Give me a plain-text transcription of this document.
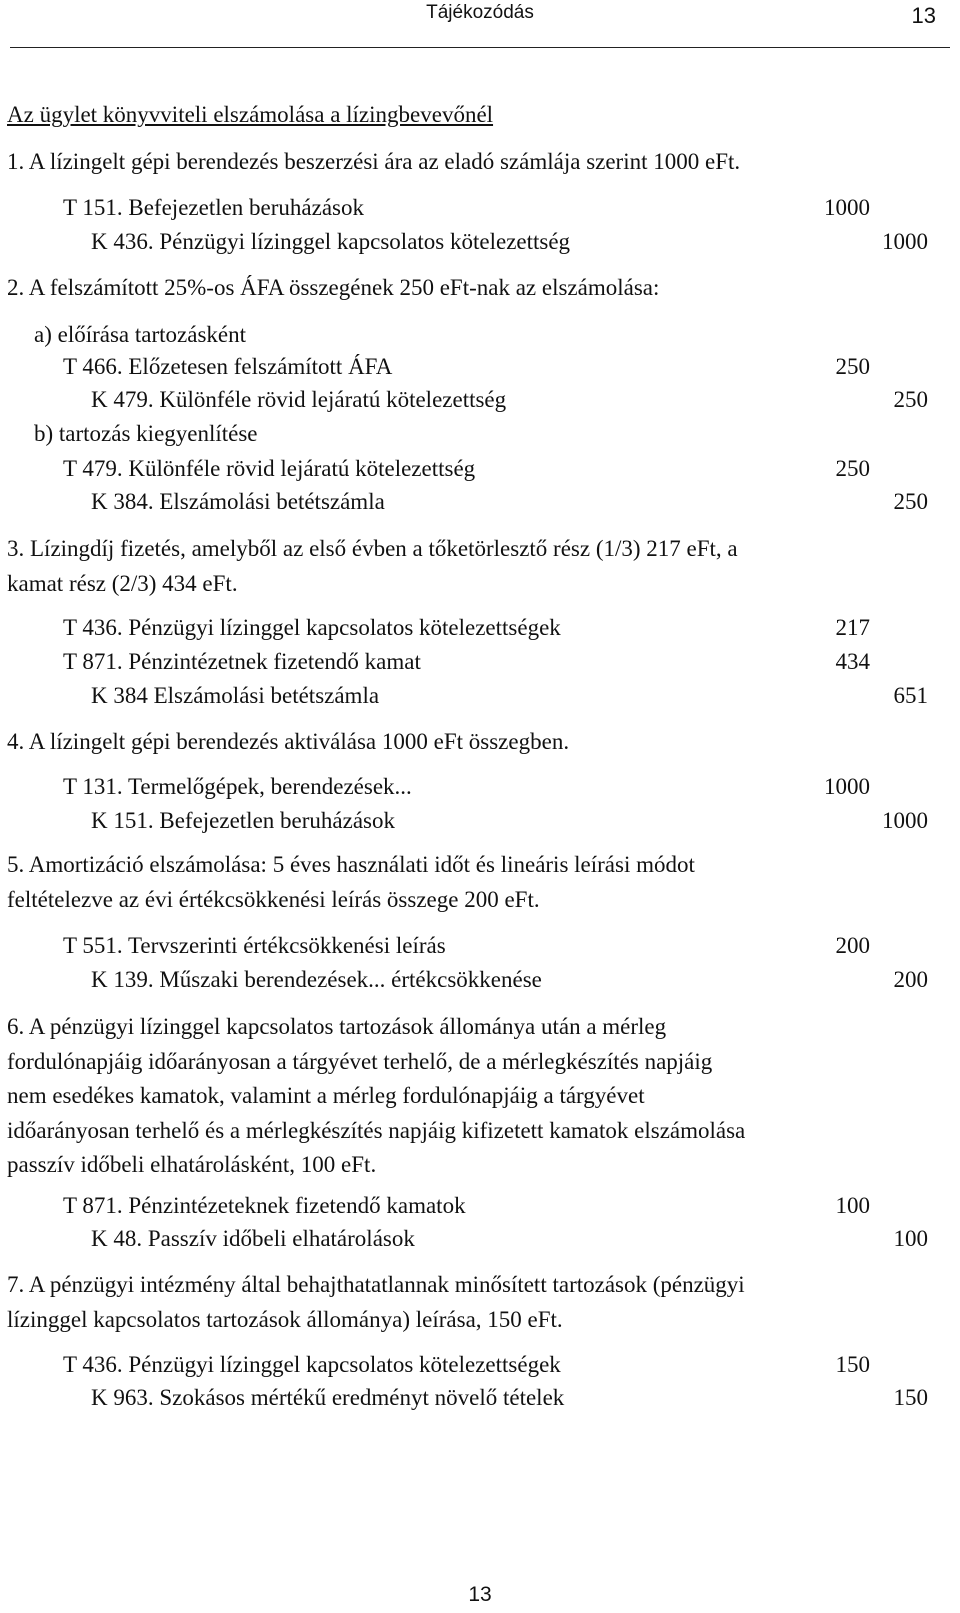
Tájékozódás	13
Az ügylet könyvviteli elszámolása a lízingbevevőnél
1. A lízingelt gépi berendezés beszerzési ára az eladó számlája szerint 1000 eFt.
T 151. Befejezetlen beruházások	1000
K 436. Pénzügyi lízinggel kapcsolatos kötelezettség	1000
2. A felszámított 25%-os ÁFA összegének 250 eFt-nak az elszámolása:
a) előírása tartozásként
T 466. Előzetesen felszámított ÁFA	250
K 479. Különféle rövid lejáratú kötelezettség	250
b) tartozás kiegyenlítése
T 479. Különféle rövid lejáratú kötelezettség	250
K 384. Elszámolási betétszámla	250
3. Lízingdíj fizetés, amelyből az első évben a tőketörlesztő rész (1/3) 217 eFt, a
kamat rész (2/3) 434 eFt.
T 436. Pénzügyi lízinggel kapcsolatos kötelezettségek	217
T 871. Pénzintézetnek fizetendő kamat	434
K 384 Elszámolási betétszámla	651
4. A lízingelt gépi berendezés aktiválása 1000 eFt összegben.
T 131. Termelőgépek, berendezések...	1000
K 151. Befejezetlen beruházások	1000
5. Amortizáció elszámolása: 5 éves használati időt és lineáris leírási módot
feltételezve az évi értékcsökkenési leírás összege 200 eFt.
T 551. Tervszerinti értékcsökkenési leírás	200
K 139. Műszaki berendezések... értékcsökkenése	200
6. A pénzügyi lízinggel kapcsolatos tartozások állománya után a mérleg
fordulónapjáig időarányosan a tárgyévet terhelő, de a mérlegkészítés napjáig
nem esedékes kamatok, valamint a mérleg fordulónapjáig a tárgyévet
időarányosan terhelő és a mérlegkészítés napjáig kifizetett kamatok elszámolása
passzív időbeli elhatárolásként, 100 eFt.
T 871. Pénzintézeteknek fizetendő kamatok	100
K 48. Passzív időbeli elhatárolások	100
7. A pénzügyi intézmény által behajthatatlannak minősített tartozások (pénzügyi
lízinggel kapcsolatos tartozások állománya) leírása, 150 eFt.
T 436. Pénzügyi lízinggel kapcsolatos kötelezettségek	150
K 963. Szokásos mértékű eredményt növelő tételek	150
13
